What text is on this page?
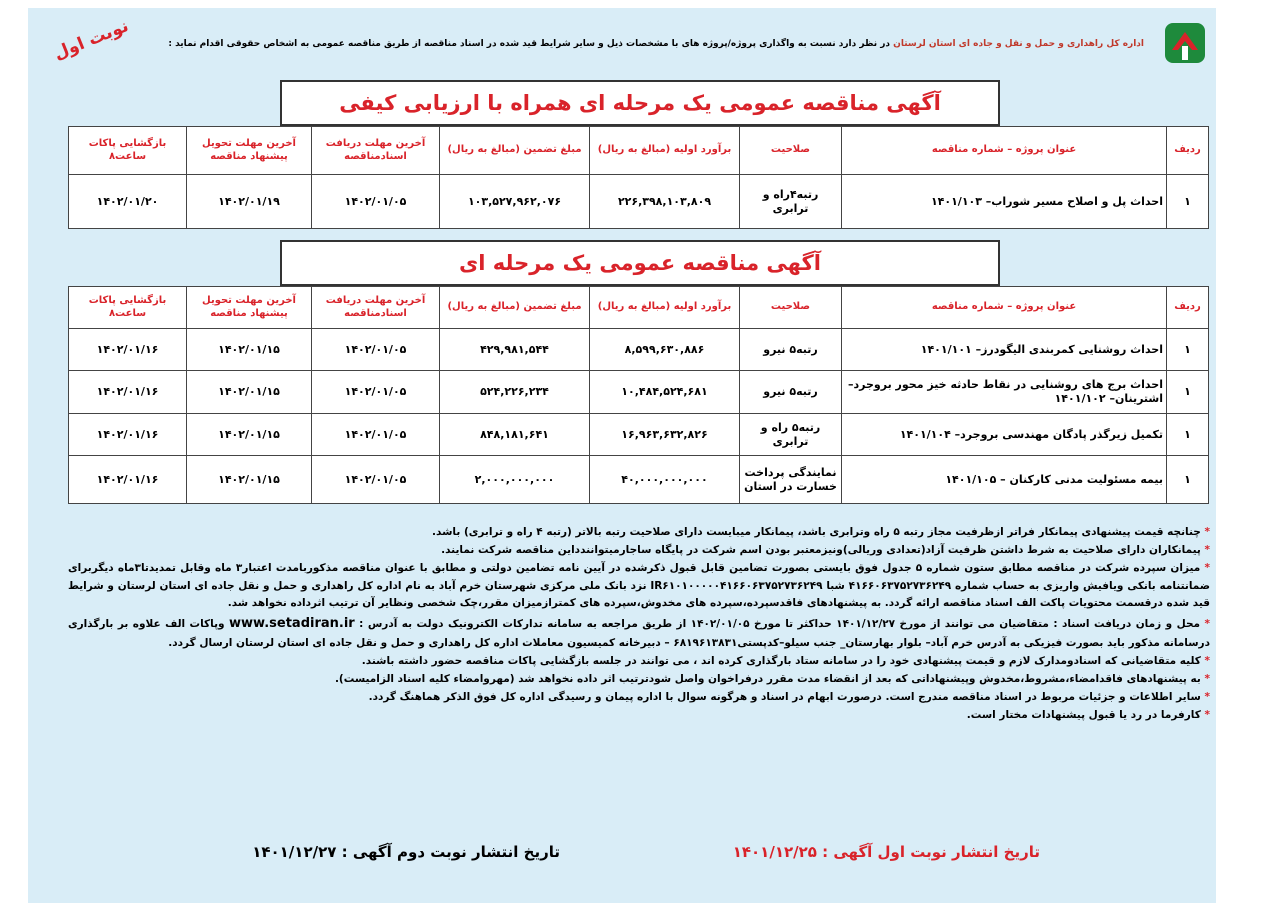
نوبت اول	اداره کل راهداری و حمل و نقل و جاده ای استان لرستان در نظر دارد نسبت به واگذاری پروژه/پروژه های با مشخصات ذیل و سایر شرایط قید شده در اسناد مناقصه از طریق مناقصه عمومی به اشخاص حقوقی اقدام نماید :
آگهی مناقصه عمومی یک مرحله ای همراه با ارزیابی کیفی
ردیف	عنوان پروژه – شماره مناقصه	صلاحیت	برآورد اولیه (مبالغ به ریال)	مبلغ تضمین (مبالغ به ریال)	آخرین مهلت دریافت اسنادمناقصه	آخرین مهلت تحویل پیشنهاد مناقصه	بازگشایی پاکات ساعت۸
۱	احداث پل و اصلاح مسیر شوراب– ۱۴۰۱/۱۰۳	رتبه۴راه و ترابری	۲۲۶,۳۹۸,۱۰۳,۸۰۹	۱۰۳,۵۲۷,۹۶۲,۰۷۶	۱۴۰۲/۰۱/۰۵	۱۴۰۲/۰۱/۱۹	۱۴۰۲/۰۱/۲۰
آگهی مناقصه عمومی یک مرحله ای
ردیف	عنوان پروژه – شماره مناقصه	صلاحیت	برآورد اولیه (مبالغ به ریال)	مبلغ تضمین (مبالغ به ریال)	آخرین مهلت دریافت اسنادمناقصه	آخرین مهلت تحویل پیشنهاد مناقصه	بازگشایی پاکات ساعت۸
۱	احداث روشنایی کمربندی الیگودرز– ۱۴۰۱/۱۰۱	رتبه۵ نیرو	۸,۵۹۹,۶۳۰,۸۸۶	۴۲۹,۹۸۱,۵۴۴	۱۴۰۲/۰۱/۰۵	۱۴۰۲/۰۱/۱۵	۱۴۰۲/۰۱/۱۶
۱	احداث برج های روشنایی در نقاط حادثه خیز محور بروجرد– اشترینان– ۱۴۰۱/۱۰۲	رتبه۵ نیرو	۱۰,۴۸۴,۵۲۴,۶۸۱	۵۲۴,۲۲۶,۲۳۴	۱۴۰۲/۰۱/۰۵	۱۴۰۲/۰۱/۱۵	۱۴۰۲/۰۱/۱۶
۱	تکمیل زیرگذر پادگان مهندسی بروجرد– ۱۴۰۱/۱۰۴	رتبه۵ راه و ترابری	۱۶,۹۶۳,۶۳۲,۸۲۶	۸۴۸,۱۸۱,۶۴۱	۱۴۰۲/۰۱/۰۵	۱۴۰۲/۰۱/۱۵	۱۴۰۲/۰۱/۱۶
۱	بیمه مسئولیت مدنی کارکنان – ۱۴۰۱/۱۰۵	نمایندگی پرداخت خسارت در استان	۴۰,۰۰۰,۰۰۰,۰۰۰	۲,۰۰۰,۰۰۰,۰۰۰	۱۴۰۲/۰۱/۰۵	۱۴۰۲/۰۱/۱۵	۱۴۰۲/۰۱/۱۶

* چنانچه قیمت پیشنهادی پیمانکار فراتر ازظرفیت مجاز رتبه ۵ راه وترابری باشد، پیمانکار میبایست دارای صلاحیت رتبه بالاتر (رتبه ۴ راه و ترابری) باشد.

* پیمانکاران دارای صلاحیت به شرط داشتن ظرفیت آزاد(تعدادی وریالی)ونیزمعتبر بودن اسم شرکت در پایگاه ساجارمیتوانندداین مناقصه شرکت نمایند.

* میزان سپرده شرکت در مناقصه مطابق ستون شماره ۵ جدول فوق بایستی بصورت تضامین قابل قبول ذکرشده در آیین نامه تضامین دولتی و مطابق با عنوان مناقصه مذکوربامدت اعتبار۳ ماه وقابل تمدیدتا۳ماه دیگربرای ضمانتنامه بانکی ویافیش واریزی به حساب شماره ۴۱۶۶۰۶۳۷۵۲۷۳۶۲۴۹ شبا IR۶۱۰۱۰۰۰۰۰۴۱۶۶۰۶۳۷۵۲۷۳۶۲۴۹ نزد بانک ملی مرکزی شهرستان خرم آباد به نام اداره کل راهداری و حمل و نقل جاده ای استان لرستان و شرایط قید شده درقسمت محتویات پاکت الف اسناد مناقصه ارائه گردد. به پیشنهادهای فاقدسپرده،سپرده های مخدوش،سپرده های کمترازمیزان مقرر،چک شخصی ونظایر آن ترتیب اثرداده نخواهد شد.

* محل و زمان دریافت اسناد : متقاضیان می توانند از مورخ ۱۴۰۱/۱۲/۲۷ حداکثر تا مورخ ۱۴۰۲/۰۱/۰۵ از طریق مراجعه به سامانه تدارکات الکترونیک دولت به آدرس : www.setadiran.ir وپاکات الف علاوه بر بارگذاری درسامانه مذکور باید بصورت فیزیکی به آدرس خرم آباد– بلوار بهارستان_ جنب سیلو–کدپستی۶۸۱۹۶۱۳۸۳۱ – دبیرخانه کمیسیون معاملات اداره کل راهداری و حمل و نقل جاده ای استان لرستان ارسال گردد.

* کلیه متقاضیانی که اسنادومدارک لازم و قیمت پیشنهادی خود را در سامانه ستاد بارگذاری کرده اند ، می توانند در جلسه بازگشایی پاکات مناقصه حضور داشته باشند.

* به پیشنهادهای فاقدامضاء،مشروط،مخدوش وپیشنهاداتی که بعد از انقضاء مدت مقرر درفراخوان واصل شودترتیب اثر داده نخواهد شد (مهروامضاء کلیه اسناد الزامیست).

* سایر اطلاعات و جزئیات مربوط در اسناد مناقصه مندرج است. درصورت ابهام در اسناد و هرگونه سوال با اداره پیمان و رسیدگی اداره کل فوق الذکر هماهنگ گردد.

* کارفرما در رد یا قبول پیشنهادات مختار است.

تاریخ انتشار نوبت اول آگهی : ۱۴۰۱/۱۲/۲۵
تاریخ انتشار نوبت دوم آگهی : ۱۴۰۱/۱۲/۲۷
